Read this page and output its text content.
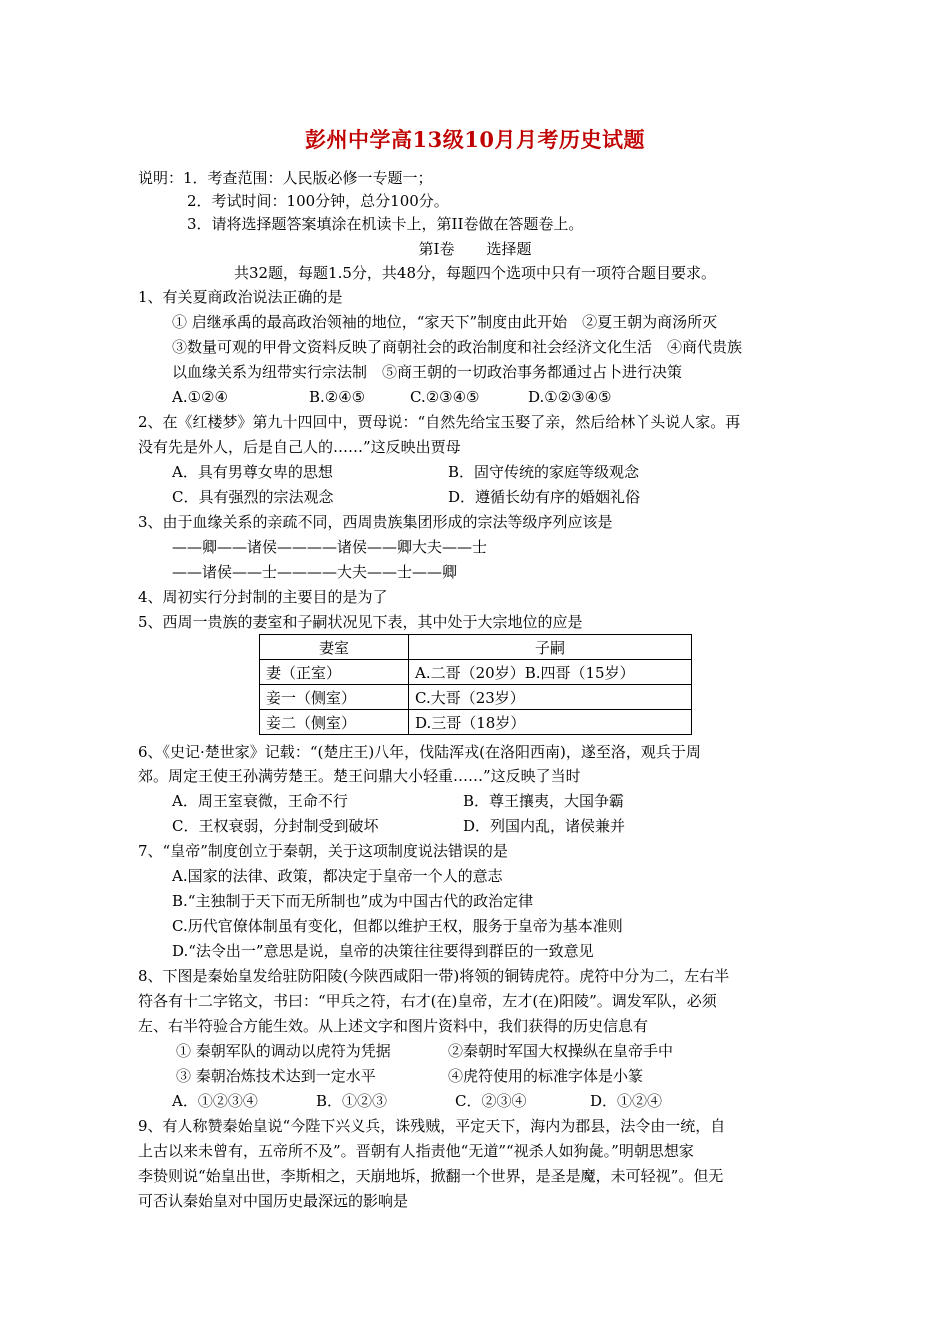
彭州中学高13级10月月考历史试题
说明：1．考查范围：人民版必修一专题一；
2．考试时间：100分钟，总分100分。
3．请将选择题答案填涂在机读卡上，第II卷做在答题卷上。
第I卷 选择题
共32题，每题1.5分，共48分，每题四个选项中只有一项符合题目要求。
1、有关夏商政治说法正确的是
① 启继承禹的最高政治领袖的地位，“家天下”制度由此开始　②夏王朝为商汤所灭
③数量可观的甲骨文资料反映了商朝社会的政治制度和社会经济文化生活　④商代贵族
以血缘关系为纽带实行宗法制　⑤商王朝的一切政治事务都通过占卜进行决策
A.①②④	B.②④⑤	C.②③④⑤	D.①②③④⑤
2、在《红楼梦》第九十四回中，贾母说：“自然先给宝玉娶了亲，然后给林丫头说人家。再
没有先是外人，后是自己人的……”这反映出贾母
A．具有男尊女卑的思想	B．固守传统的家庭等级观念
C．具有强烈的宗法观念	D．遵循长幼有序的婚姻礼俗
3、由于血缘关系的亲疏不同，西周贵族集团形成的宗法等级序列应该是
——卿——诸侯————诸侯——卿大夫——士
——诸侯——士————大夫——士——卿
4、周初实行分封制的主要目的是为了
5、西周一贵族的妻室和子嗣状况见下表，其中处于大宗地位的应是
妻室	子嗣
妻（正室）	A.二哥（20岁）B.四哥（15岁）
妾一（侧室）	C.大哥（23岁）
妾二（侧室）	D.三哥（18岁）
6、《史记·楚世家》记载：“(楚庄王)八年，伐陆浑戎(在洛阳西南)，遂至洛，观兵于周
郊。周定王使王孙满劳楚王。楚王问鼎大小轻重……”这反映了当时
A．周王室衰微，王命不行	B．尊王攘夷，大国争霸
C．王权衰弱，分封制受到破坏	D．列国内乱，诸侯兼并
7、“皇帝”制度创立于秦朝，关于这项制度说法错误的是
A.国家的法律、政策，都决定于皇帝一个人的意志
B.“主独制于天下而无所制也”成为中国古代的政治定律
C.历代官僚体制虽有变化，但都以维护王权，服务于皇帝为基本准则
D.“法令出一”意思是说，皇帝的决策往往要得到群臣的一致意见
8、下图是秦始皇发给驻防阳陵(今陕西咸阳一带)将领的铜铸虎符。虎符中分为二，左右半
符各有十二字铭文，书曰：“甲兵之符，右才(在)皇帝，左才(在)阳陵”。调发军队，必须
左、右半符验合方能生效。从上述文字和图片资料中，我们获得的历史信息有
① 秦朝军队的调动以虎符为凭据	②秦朝时军国大权操纵在皇帝手中
③ 秦朝冶炼技术达到一定水平	④虎符使用的标准字体是小篆
A．①②③④	B．①②③	C．②③④	D．①②④
9、有人称赞秦始皇说“今陛下兴义兵，诛残贼，平定天下，海内为郡县，法令由一统，自
上古以来未曾有，五帝所不及”。晋朝有人指责他“无道”“视杀人如狗彘。”明朝思想家
李贽则说“始皇出世，李斯相之，天崩地坼，掀翻一个世界，是圣是魔，未可轻视”。但无
可否认秦始皇对中国历史最深远的影响是
